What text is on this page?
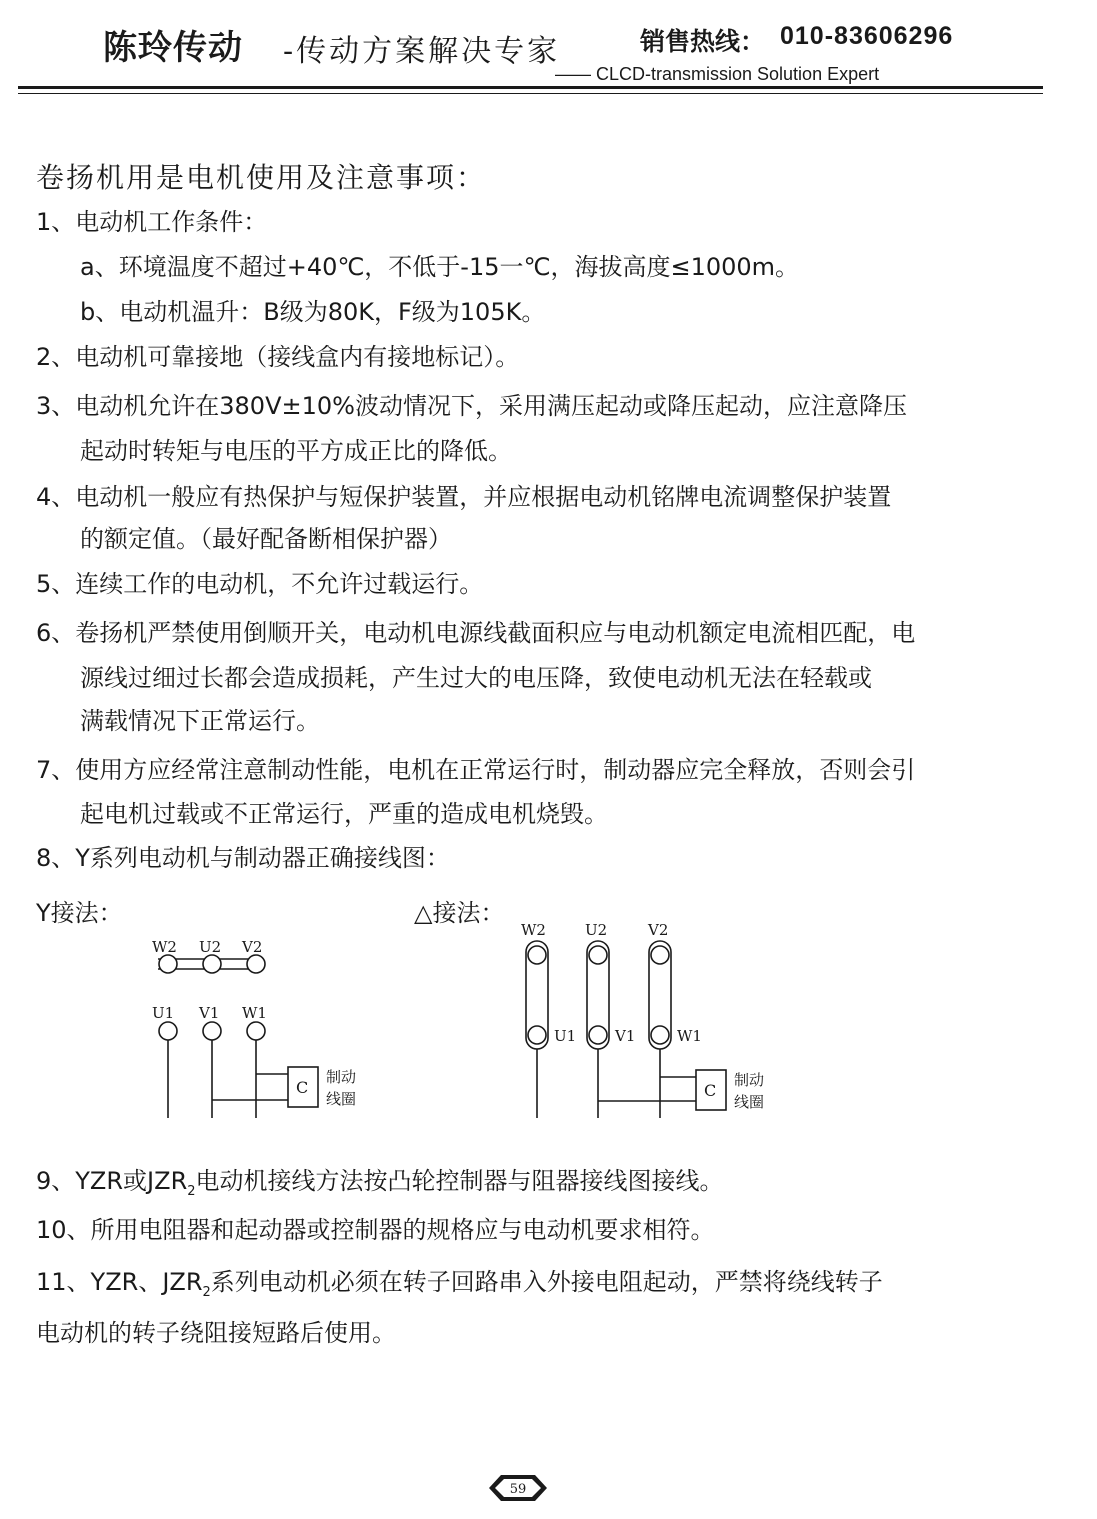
陈玲传动 -传动方案解决专家	销售热线： 010-83606296
—— CLCD-transmission Solution Expert
卷扬机用是电机使用及注意事项：
1、电动机工作条件：
a、环境温度不超过+40℃，不低于-15一℃，海拔高度≤1000m。
b、电动机温升：B级为80K，F级为105K。
2、电动机可靠接地（接线盒内有接地标记）。
3、电动机允许在380V±10%波动情况下，采用满压起动或降压起动，应注意降压
起动时转矩与电压的平方成正比的降低。
4、电动机一般应有热保护与短保护装置，并应根据电动机铭牌电流调整保护装置
的额定值。（最好配备断相保护器）
5、连续工作的电动机，不允许过载运行。
6、卷扬机严禁使用倒顺开关，电动机电源线截面积应与电动机额定电流相匹配，电
源线过细过长都会造成损耗，产生过大的电压降，致使电动机无法在轻载或
满载情况下正常运行。
7、使用方应经常注意制动性能，电机在正常运行时，制动器应完全释放，否则会引
起电机过载或不正常运行，严重的造成电机烧毁。
8、Y系列电动机与制动器正确接线图：
Y接法：	△接法：
W2 U2 V2
U1 V1 W1
C
制动
线圈
W2	U2	V2
U1	V1	W1
C
制动
线圈
9、YZR或$JZR_2$电动机接线方法按凸轮控制器与阻器接线图接线。
10、所用电阻器和起动器或控制器的规格应与电动机要求相符。
11、YZR、$JZR_2$系列电动机必须在转子回路串入外接电阻起动，严禁将绕线转子
电动机的转子绕阻接短路后使用。
59
